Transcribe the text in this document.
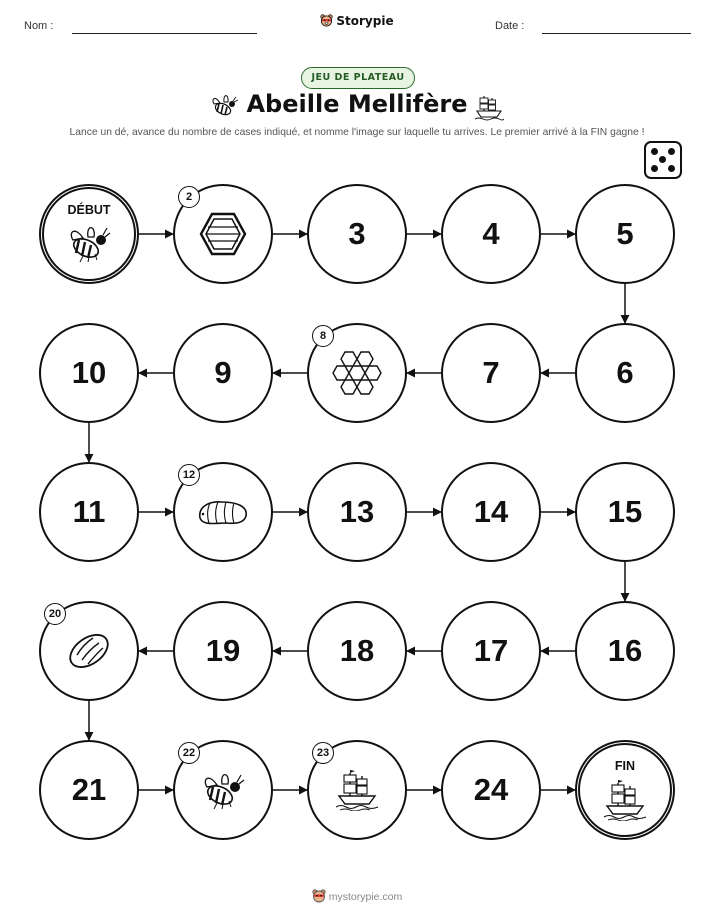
Nom :	Storypie	Date :
JEU DE PLATEAU
Abeille Mellifère
Lance un dé, avance du nombre de cases indiqué, et nomme l'image sur laquelle tu arrives. Le premier arrivé à la FIN gagne !
DÉBUT
2
3	4	5
6
7
8
9
10
11
12
13	14	15
16
17
18
19
20
21
22	23
24
FIN
mystorypie.com
